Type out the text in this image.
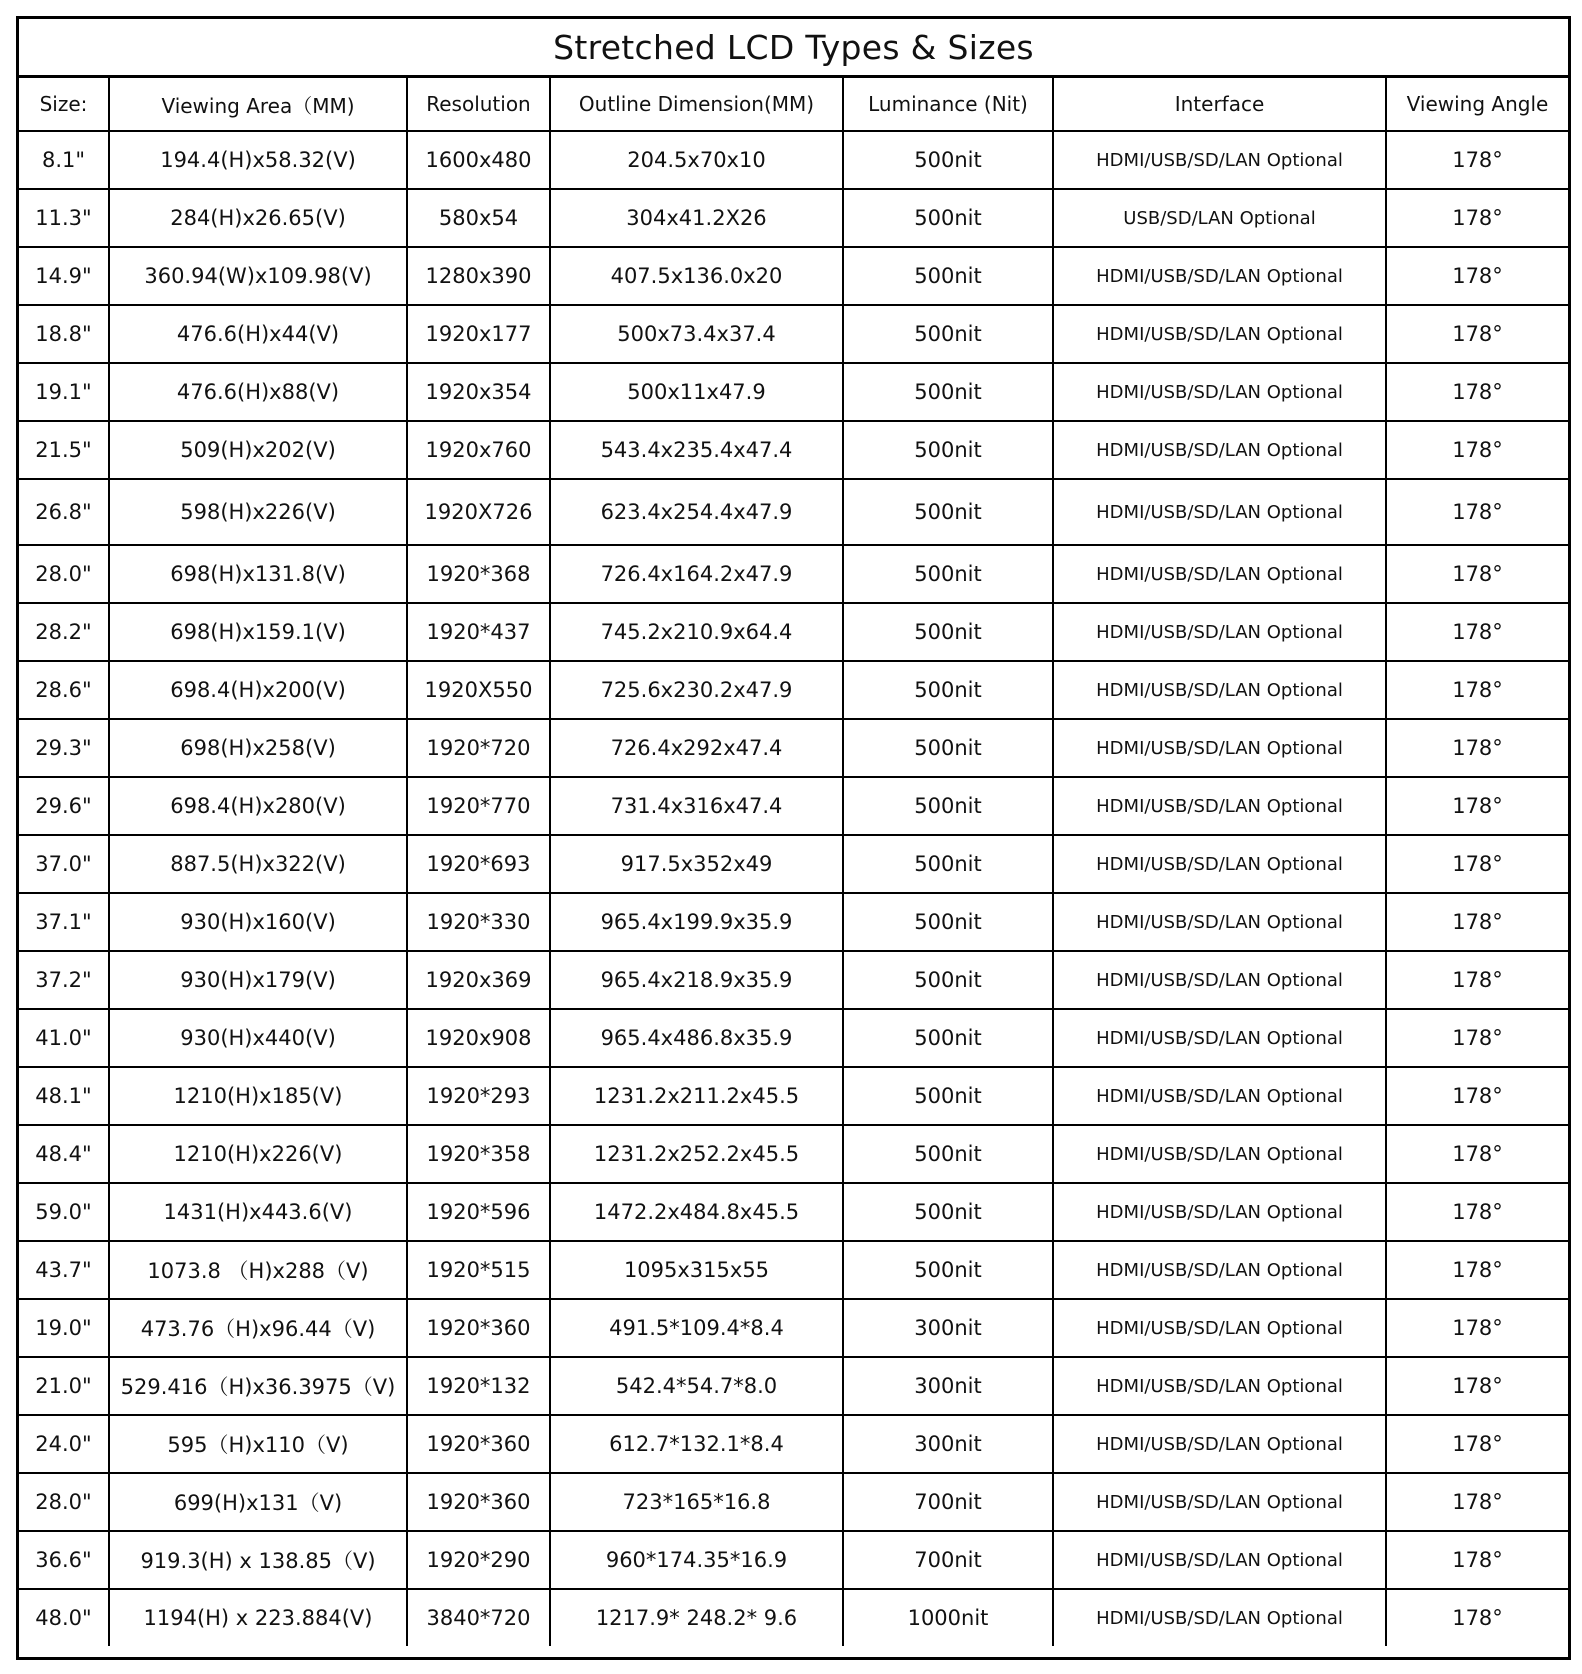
Stretched LCD Types & Sizes
Size:	Viewing Area（MM)	Resolution	Outline Dimension(MM)	Luminance (Nit)	Interface	Viewing Angle
8.1"	194.4(H)x58.32(V)	1600x480	204.5x70x10	500nit	HDMI/USB/SD/LAN Optional	178°
11.3"	284(H)x26.65(V)	580x54	304x41.2X26	500nit	USB/SD/LAN Optional	178°
14.9"	360.94(W)x109.98(V)	1280x390	407.5x136.0x20	500nit	HDMI/USB/SD/LAN Optional	178°
18.8"	476.6(H)x44(V)	1920x177	500x73.4x37.4	500nit	HDMI/USB/SD/LAN Optional	178°
19.1"	476.6(H)x88(V)	1920x354	500x11x47.9	500nit	HDMI/USB/SD/LAN Optional	178°
21.5"	509(H)x202(V)	1920x760	543.4x235.4x47.4	500nit	HDMI/USB/SD/LAN Optional	178°
26.8"	598(H)x226(V)	1920X726	623.4x254.4x47.9	500nit	HDMI/USB/SD/LAN Optional	178°
28.0"	698(H)x131.8(V)	1920*368	726.4x164.2x47.9	500nit	HDMI/USB/SD/LAN Optional	178°
28.2"	698(H)x159.1(V)	1920*437	745.2x210.9x64.4	500nit	HDMI/USB/SD/LAN Optional	178°
28.6"	698.4(H)x200(V)	1920X550	725.6x230.2x47.9	500nit	HDMI/USB/SD/LAN Optional	178°
29.3"	698(H)x258(V)	1920*720	726.4x292x47.4	500nit	HDMI/USB/SD/LAN Optional	178°
29.6"	698.4(H)x280(V)	1920*770	731.4x316x47.4	500nit	HDMI/USB/SD/LAN Optional	178°
37.0"	887.5(H)x322(V)	1920*693	917.5x352x49	500nit	HDMI/USB/SD/LAN Optional	178°
37.1"	930(H)x160(V)	1920*330	965.4x199.9x35.9	500nit	HDMI/USB/SD/LAN Optional	178°
37.2"	930(H)x179(V)	1920x369	965.4x218.9x35.9	500nit	HDMI/USB/SD/LAN Optional	178°
41.0"	930(H)x440(V)	1920x908	965.4x486.8x35.9	500nit	HDMI/USB/SD/LAN Optional	178°
48.1"	1210(H)x185(V)	1920*293	1231.2x211.2x45.5	500nit	HDMI/USB/SD/LAN Optional	178°
48.4"	1210(H)x226(V)	1920*358	1231.2x252.2x45.5	500nit	HDMI/USB/SD/LAN Optional	178°
59.0"	1431(H)x443.6(V)	1920*596	1472.2x484.8x45.5	500nit	HDMI/USB/SD/LAN Optional	178°
43.7"	1073.8 （H)x288（V)	1920*515	1095x315x55	500nit	HDMI/USB/SD/LAN Optional	178°
19.0"	473.76（H)x96.44（V)	1920*360	491.5*109.4*8.4	300nit	HDMI/USB/SD/LAN Optional	178°
21.0"	529.416（H)x36.3975（V)	1920*132	542.4*54.7*8.0	300nit	HDMI/USB/SD/LAN Optional	178°
24.0"	595（H)x110（V)	1920*360	612.7*132.1*8.4	300nit	HDMI/USB/SD/LAN Optional	178°
28.0"	699(H)x131（V)	1920*360	723*165*16.8	700nit	HDMI/USB/SD/LAN Optional	178°
36.6"	919.3(H) x 138.85（V)	1920*290	960*174.35*16.9	700nit	HDMI/USB/SD/LAN Optional	178°
48.0"	1194(H) x 223.884(V)	3840*720	1217.9* 248.2* 9.6	1000nit	HDMI/USB/SD/LAN Optional	178°
